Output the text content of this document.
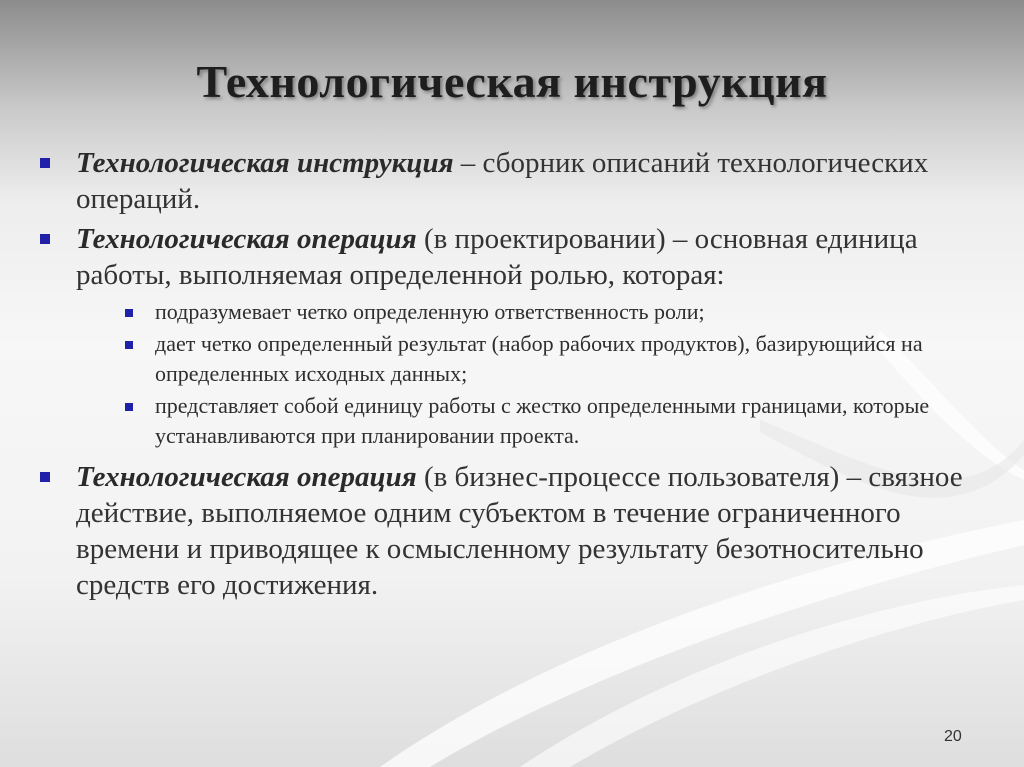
Технологическая инструкция
Технологическая инструкция – сборник описаний технологических операций.
Технологическая операция (в проектировании) – основная единица работы, выполняемая определенной ролью, которая:
подразумевает четко определенную ответственность роли;
дает четко определенный результат (набор рабочих продуктов), базирующийся на определенных исходных данных;
представляет собой единицу работы с жестко определенными границами, которые устанавливаются при планировании проекта.
Технологическая операция (в бизнес-процессе пользователя) – связное действие, выполняемое одним субъектом в течение ограниченного времени и приводящее к осмысленному результату безотносительно средств его достижения.
20
